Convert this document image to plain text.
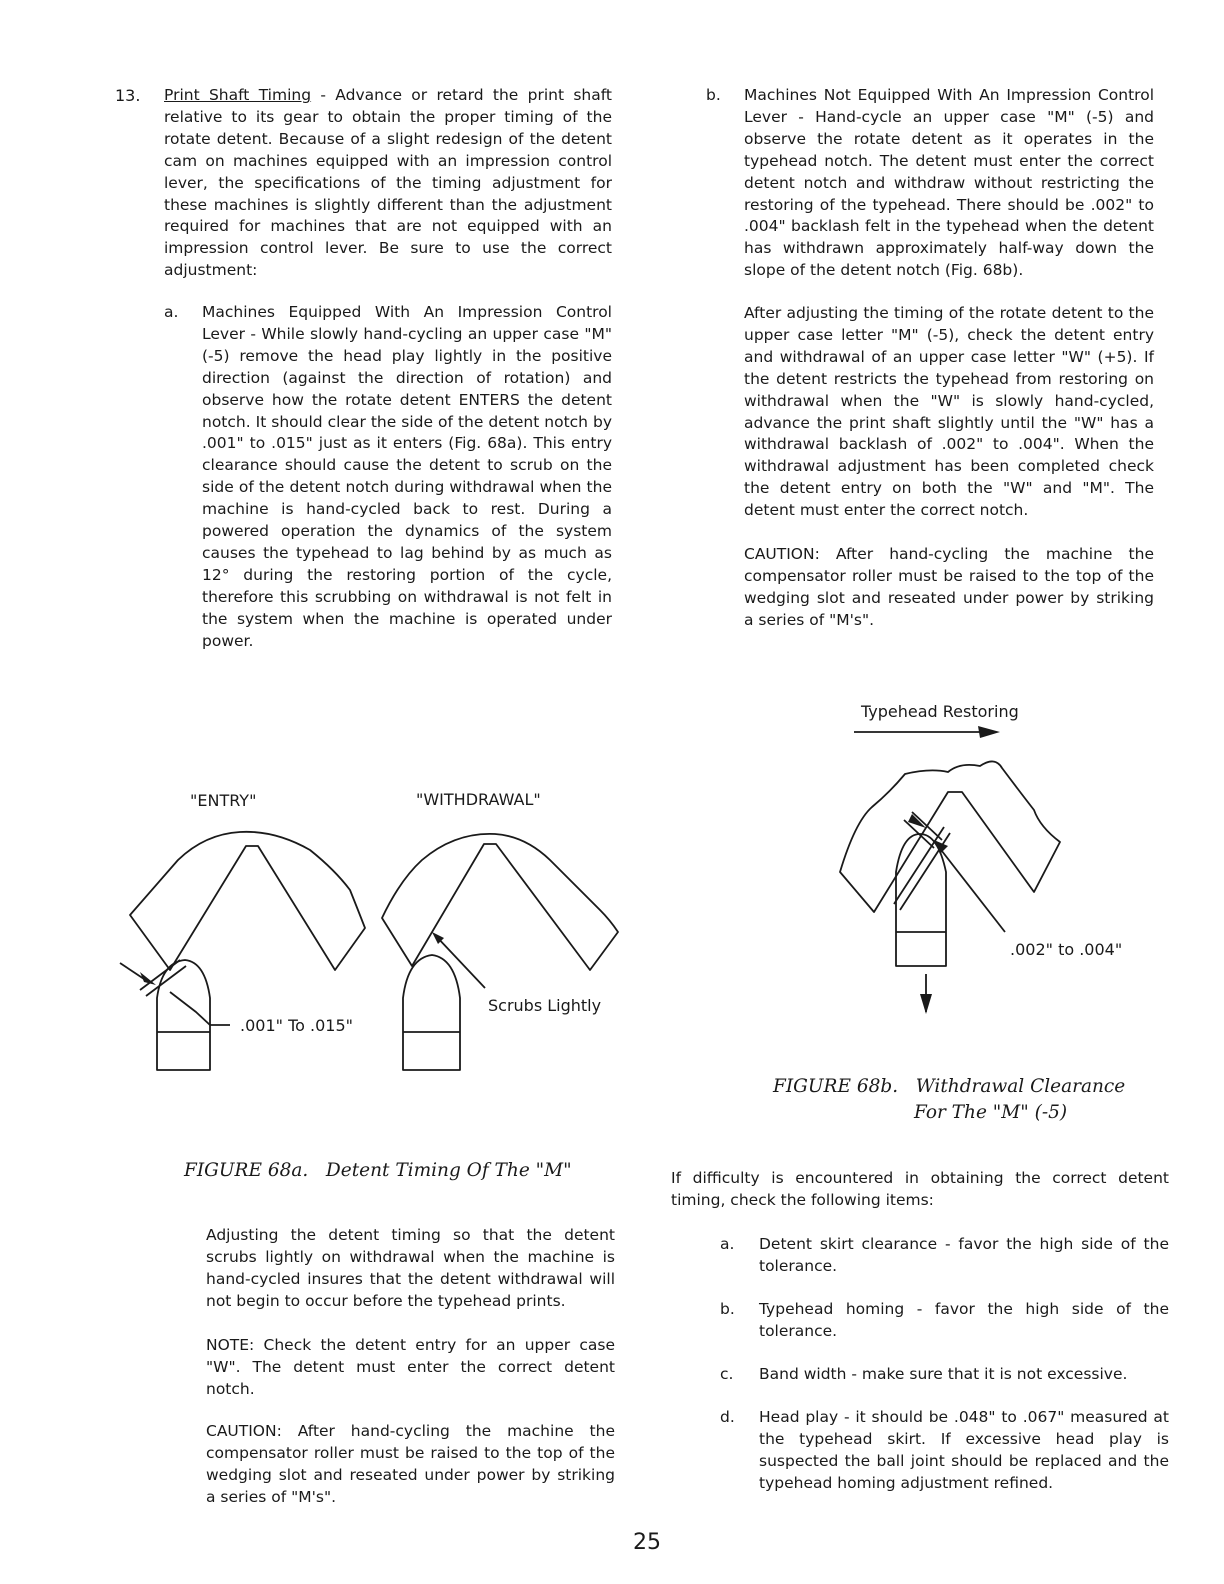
13. Print Shaft Timing - Advance or retard the print shaft relative to its gear to obtain the proper timing of the rotate detent. Because of a slight redesign of the detent cam on machines equipped with an impression control lever, the specifications of the timing adjustment for these machines is slightly different than the adjustment required for machines that are not equipped with an impression control lever. Be sure to use the correct adjustment:
a. Machines Equipped With An Impression Control Lever - While slowly hand-cycling an upper case "M" (-5) remove the head play lightly in the positive direction (against the direction of rotation) and observe how the rotate detent ENTERS the detent notch. It should clear the side of the detent notch by .001" to .015" just as it enters (Fig. 68a). This entry clearance should cause the detent to scrub on the side of the detent notch during withdrawal when the machine is hand-cycled back to rest. During a powered operation the dynamics of the system causes the typehead to lag behind by as much as 12° during the restoring portion of the cycle, therefore this scrubbing on withdrawal is not felt in the system when the machine is operated under power.
b. Machines Not Equipped With An Impression Control Lever - Hand-cycle an upper case "M" (-5) and observe the rotate detent as it operates in the typehead notch. The detent must enter the correct detent notch and withdraw without restricting the restoring of the typehead. There should be .002" to .004" backlash felt in the typehead when the detent has withdrawn approximately half-way down the slope of the detent notch (Fig. 68b).
After adjusting the timing of the rotate detent to the upper case letter "M" (-5), check the detent entry and withdrawal of an upper case letter "W" (+5). If the detent restricts the typehead from restoring on withdrawal when the "W" is slowly hand-cycled, advance the print shaft slightly until the "W" has a withdrawal backlash of .002" to .004". When the withdrawal adjustment has been completed check the detent entry on both the "W" and "M". The detent must enter the correct notch.
CAUTION: After hand-cycling the machine the compensator roller must be raised to the top of the wedging slot and reseated under power by striking a series of "M's".
"ENTRY"	"WITHDRAWAL"
.001" To .015"
Scrubs Lightly
FIGURE 68a.   Detent Timing Of The "M"
Typehead Restoring
.002" to .004"
FIGURE 68b.   Withdrawal Clearance
For The "M" (-5)
Adjusting the detent timing so that the detent scrubs lightly on withdrawal when the machine is hand-cycled insures that the detent withdrawal will not begin to occur before the typehead prints.
NOTE: Check the detent entry for an upper case "W". The detent must enter the correct detent notch.
CAUTION: After hand-cycling the machine the compensator roller must be raised to the top of the wedging slot and reseated under power by striking a series of "M's".
If difficulty is encountered in obtaining the correct detent timing, check the following items:
a. Detent skirt clearance - favor the high side of the tolerance.
b. Typehead homing - favor the high side of the tolerance.
c. Band width - make sure that it is not excessive.
d. Head play - it should be .048" to .067" measured at the typehead skirt. If excessive head play is suspected the ball joint should be replaced and the typehead homing adjustment refined.
25
